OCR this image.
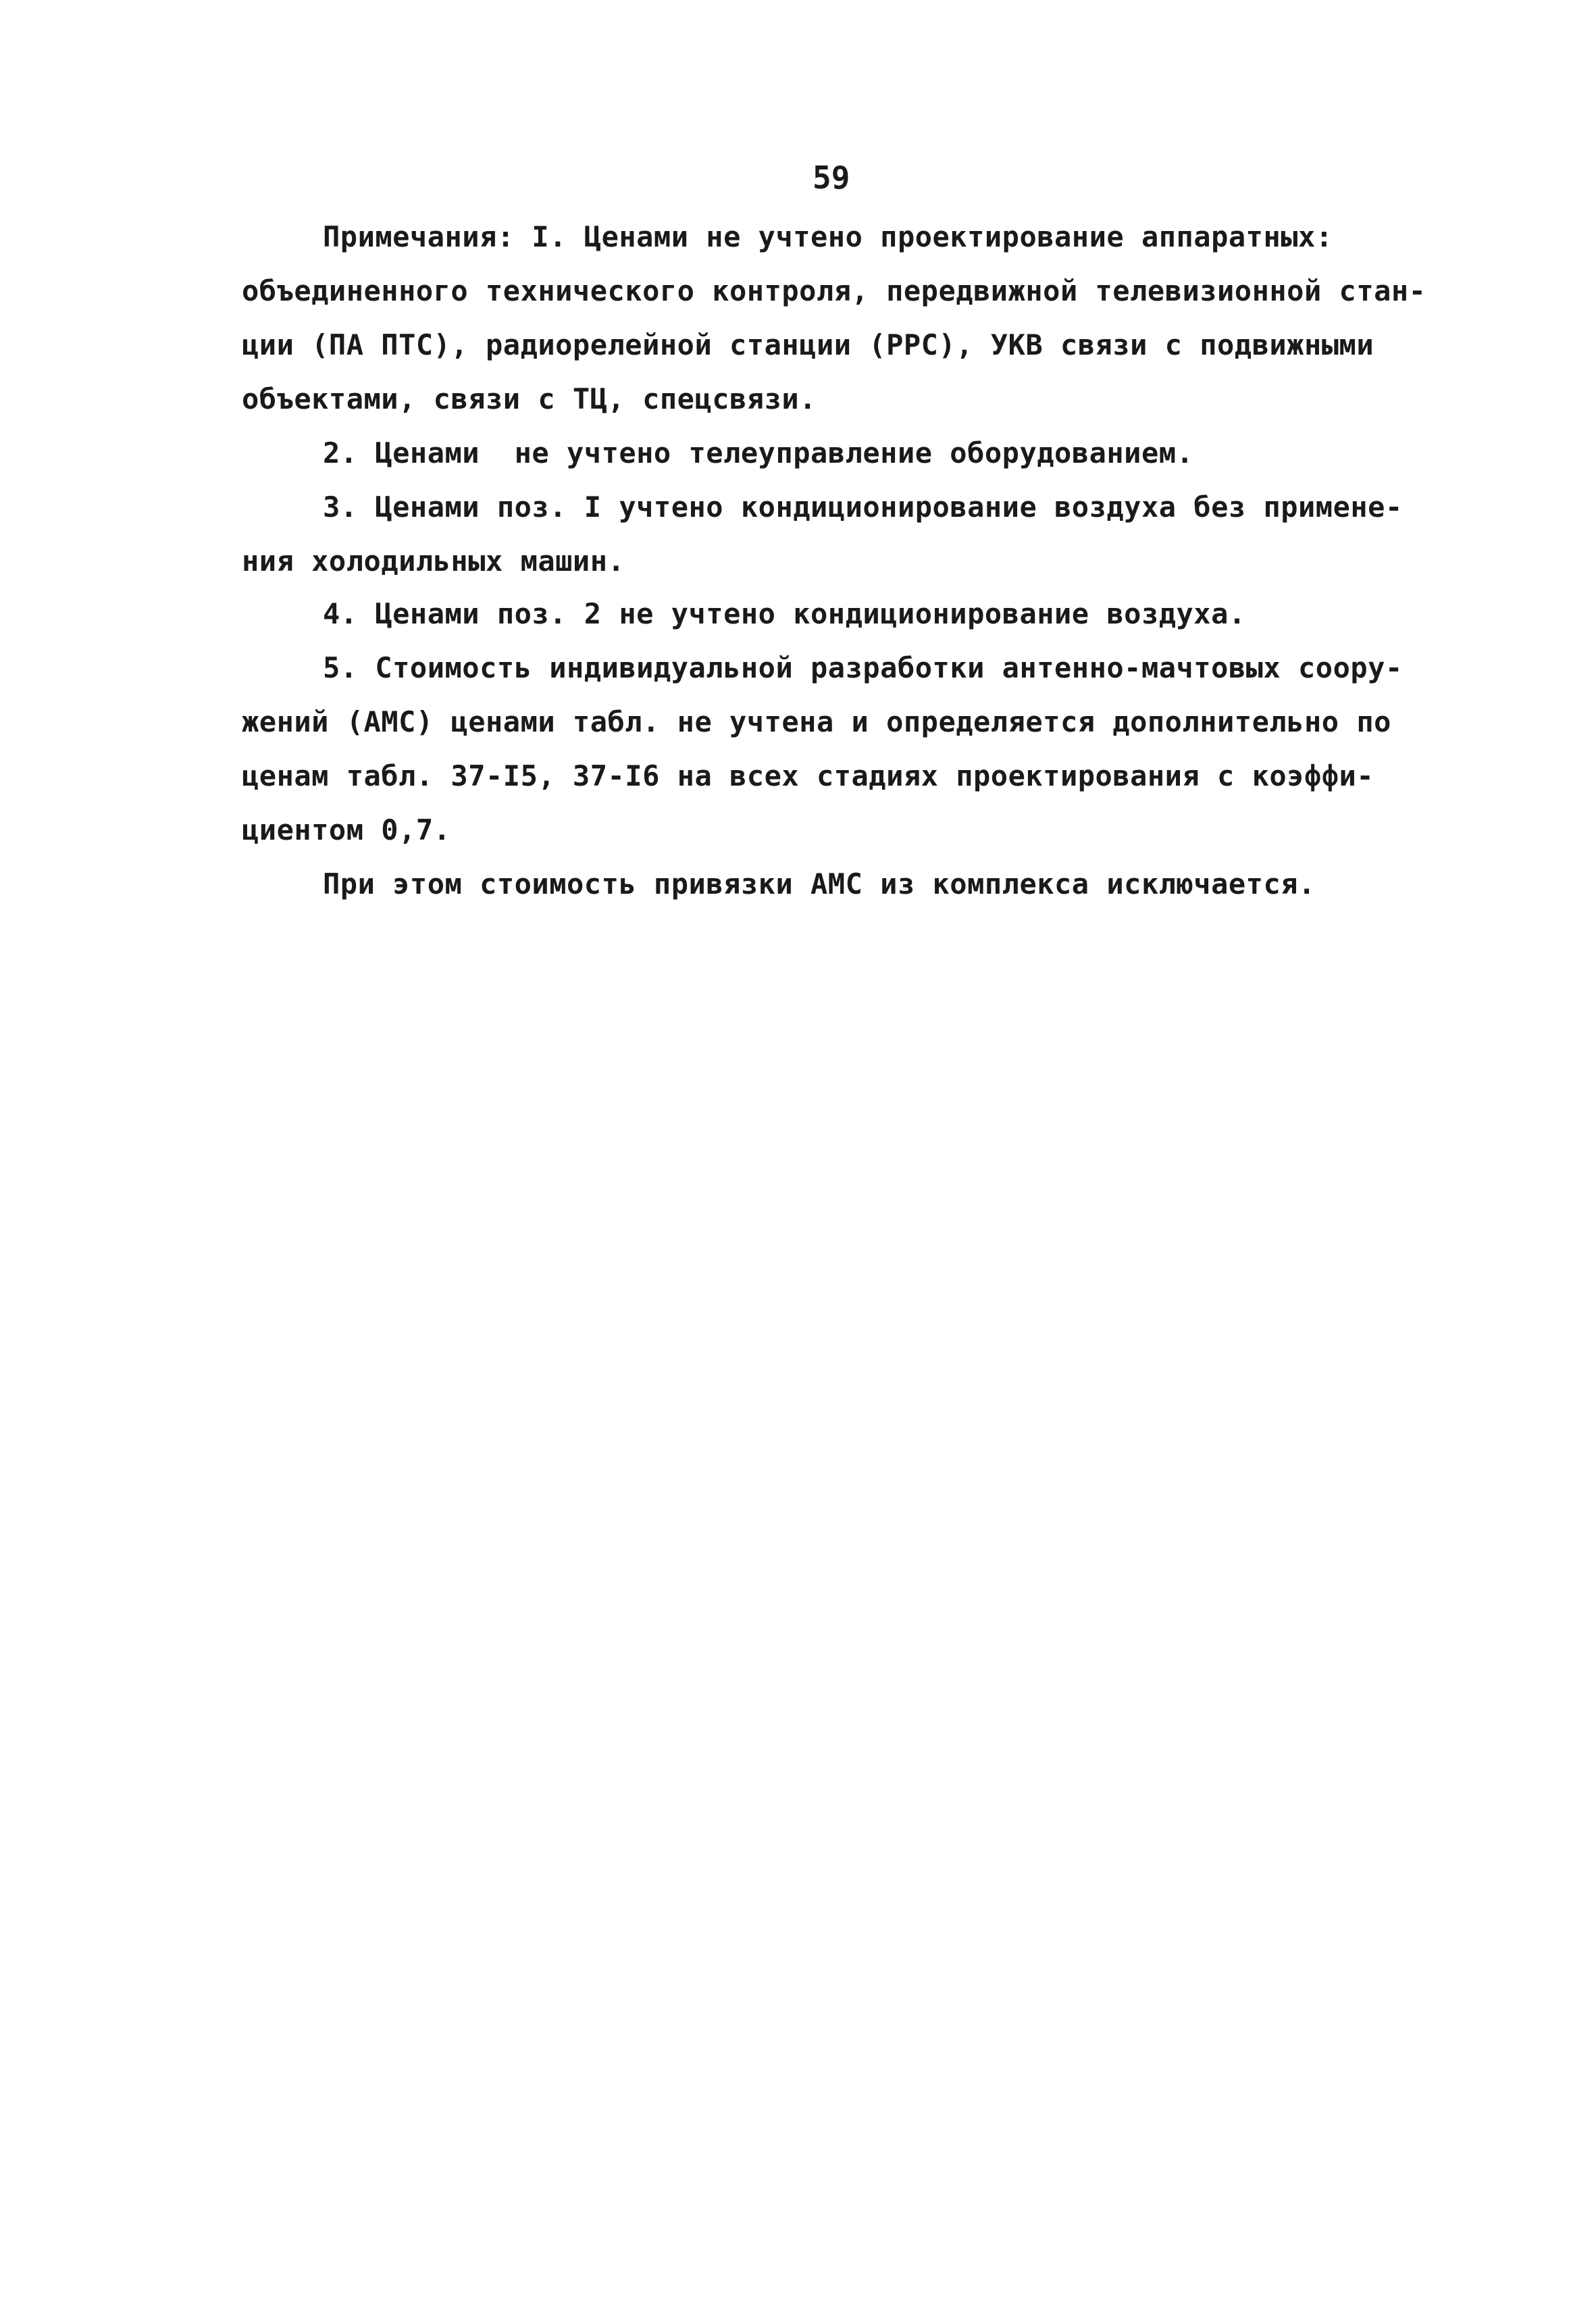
59
Примечания: I. Ценами не учтено проектирование аппаратных:
объединенного технического контроля, передвижной телевизионной стан-
ции (ПА ПТС), радиорелейной станции (РРС), УКВ связи с подвижными
объектами, связи с ТЦ, спецсвязи.
2. Ценами  не учтено телеуправление оборудованием.
3. Ценами поз. I учтено кондиционирование воздуха без примене-
ния холодильных машин.
4. Ценами поз. 2 не учтено кондиционирование воздуха.
5. Стоимость индивидуальной разработки антенно-мачтовых соору-
жений (АМС) ценами табл. не учтена и определяется дополнительно по
ценам табл. 37-I5, 37-I6 на всех стадиях проектирования с коэффи-
циентом 0,7.
При этом стоимость привязки АМС из комплекса исключается.
